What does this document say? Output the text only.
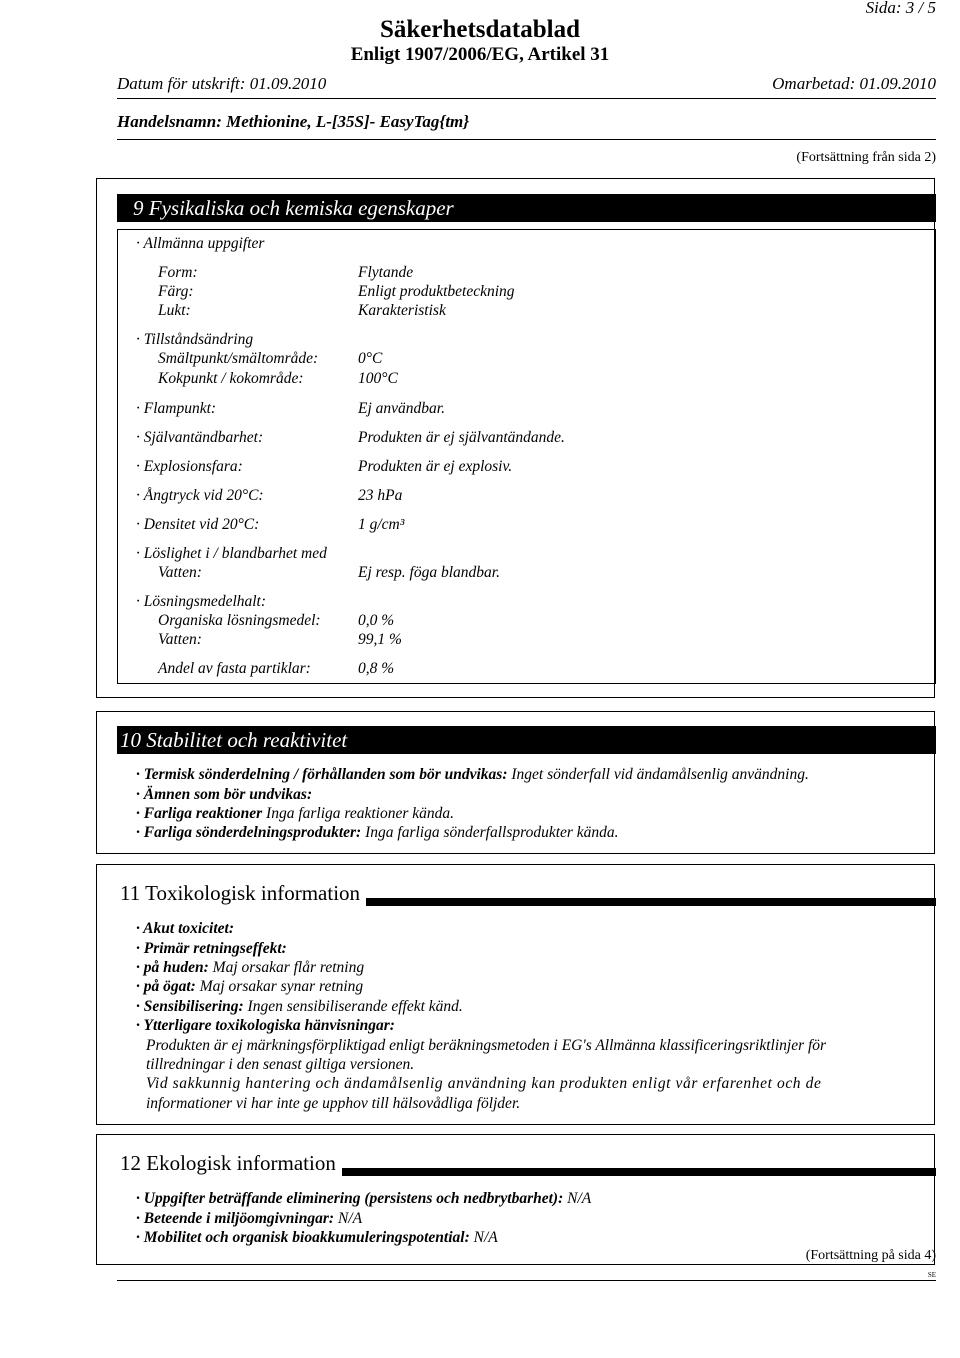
Sida: 3 / 5
Säkerhetsdatablad
Enligt 1907/2006/EG, Artikel 31
Datum för utskrift: 01.09.2010	Omarbetad: 01.09.2010
Handelsnamn: Methionine, L-[35S]- EasyTag{tm}
(Fortsättning från sida 2)
9 Fysikaliska och kemiska egenskaper
· Allmänna uppgifter
Form:	Flytande
Färg:	Enligt produktbeteckning
Lukt:	Karakteristisk
· Tillståndsändring
Smältpunkt/smältområde:	0°C
Kokpunkt / kokområde:	100°C
· Flampunkt:	Ej användbar.
· Självantändbarhet:	Produkten är ej självantändande.
· Explosionsfara:	Produkten är ej explosiv.
· Ångtryck vid 20°C:	23 hPa
· Densitet vid 20°C:	1 g/cm³
· Löslighet i / blandbarhet med
Vatten:	Ej resp. föga blandbar.
· Lösningsmedelhalt:
Organiska lösningsmedel: 0,0 %
Vatten:	99,1 %
Andel av fasta partiklar:	0,8 %
10 Stabilitet och reaktivitet
· Termisk sönderdelning / förhållanden som bör undvikas: Inget sönderfall vid ändamålsenlig användning.
· Ämnen som bör undvikas:
· Farliga reaktioner Inga farliga reaktioner kända.
· Farliga sönderdelningsprodukter: Inga farliga sönderfallsprodukter kända.
11 Toxikologisk information
· Akut toxicitet:
· Primär retningseffekt:
· på huden: Maj orsakar flår retning
· på ögat: Maj orsakar synar retning
· Sensibilisering: Ingen sensibiliserande effekt känd.
· Ytterligare toxikologiska hänvisningar:
Produkten är ej märkningsförpliktigad enligt beräkningsmetoden i EG's Allmänna klassificeringsriktlinjer för
tillredningar i den senast giltiga versionen.
Vid sakkunnig hantering och ändamålsenlig användning kan produkten enligt vår erfarenhet och de
informationer vi har inte ge upphov till hälsovådliga följder.
12 Ekologisk information
· Uppgifter beträffande eliminering (persistens och nedbrytbarhet): N/A
· Beteende i miljöomgivningar: N/A
· Mobilitet och organisk bioakkumuleringspotential: N/A
(Fortsättning på sida 4)
SE
